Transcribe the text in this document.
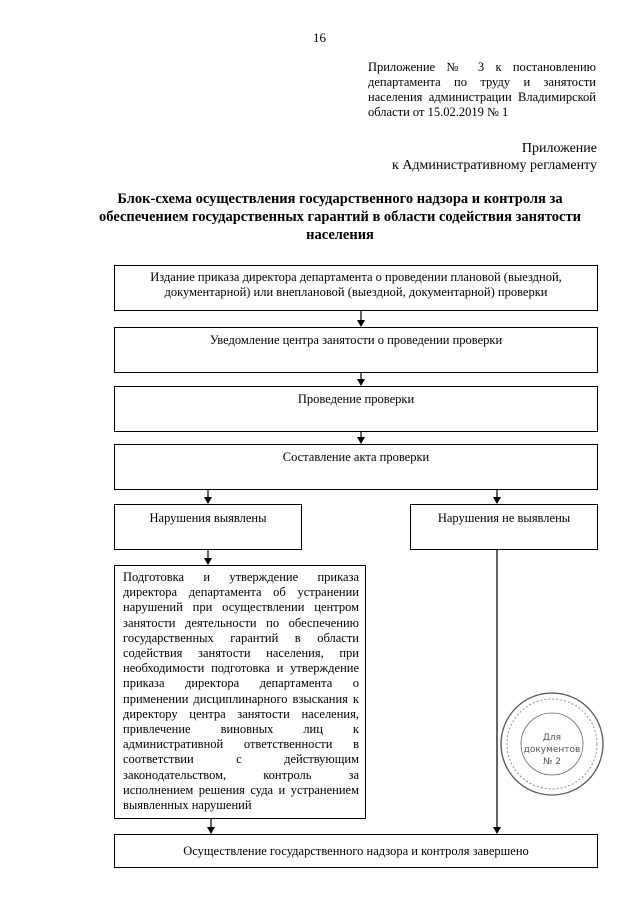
16
Приложение № 3 к постановлению департамента по труду и занятости населения администрации Владимирской области от 15.02.2019 № 1
Приложение
к Административному регламенту
Блок-схема осуществления государственного надзора и контроля за
обеспечением государственных гарантий в области содействия занятости
населения
Издание приказа директора департамента о проведении плановой (выездной, документарной) или внеплановой (выездной, документарной) проверки
Уведомление центра занятости о проведении проверки
Проведение проверки
Составление акта проверки
Нарушения выявлены	Нарушения не выявлены
Подготовка и утверждение приказа директора департамента об устранении нарушений при осуществлении центром занятости деятельности по обеспечению государственных гарантий в области содействия занятости населения, при необходимости подготовка и утверждение приказа директора департамента о применении дисциплинарного взыскания к директору центра занятости населения, привлечение виновных лиц к административной ответственности в соответствии с действующим законодательством, контроль за исполнением решения суда и устранением выявленных нарушений
Осуществление государственного надзора и контроля завершено
Для
документов
№ 2
